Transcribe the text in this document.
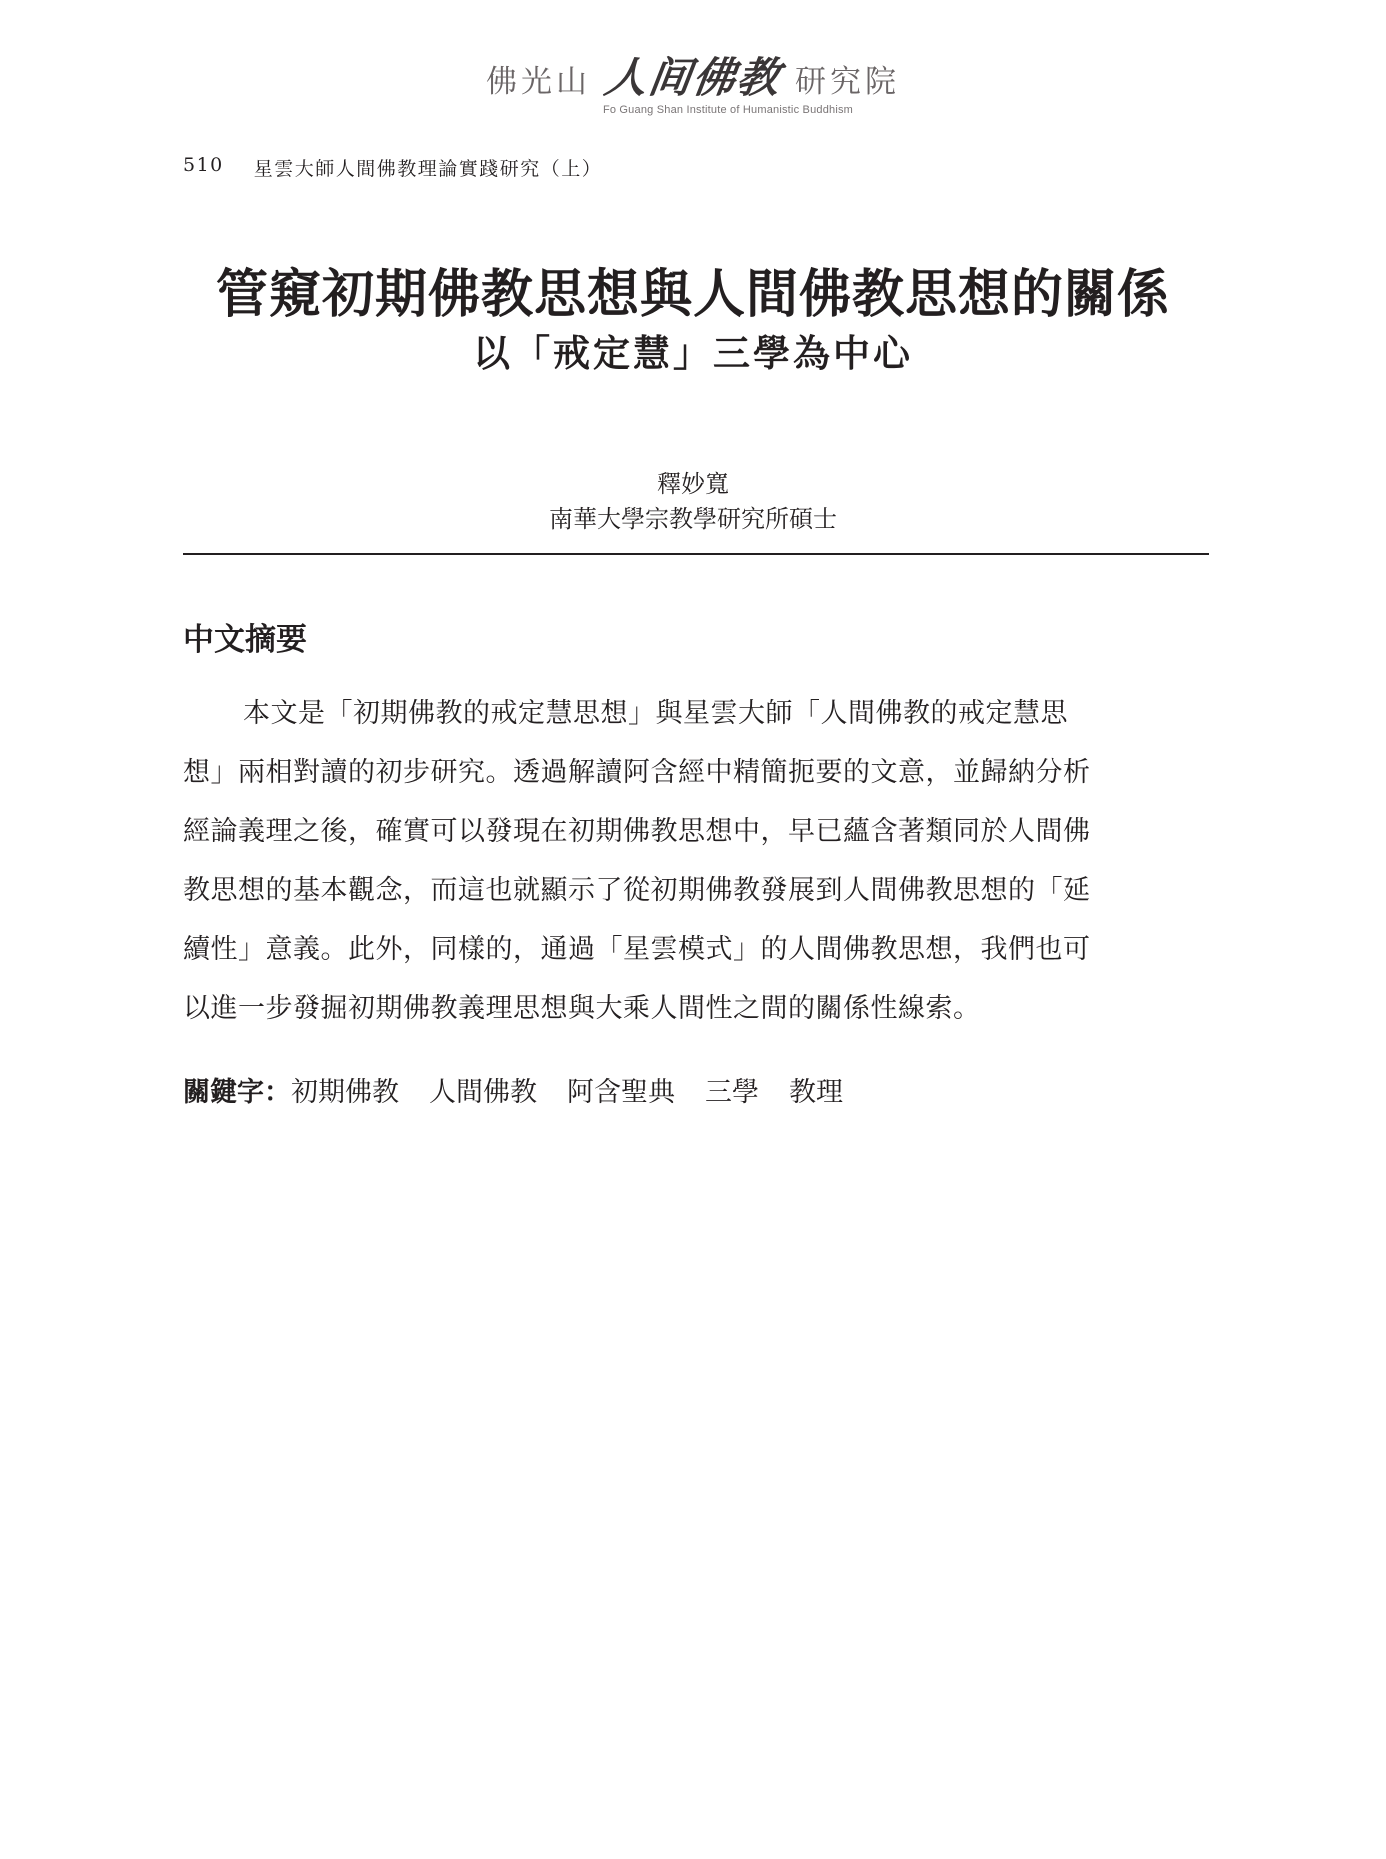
佛光山 人间佛教 研究院
Fo Guang Shan Institute of Humanistic Buddhism
510 星雲大師人間佛教理論實踐研究（上）
管窺初期佛教思想與人間佛教思想的關係
以「戒定慧」三學為中心
釋妙寬
南華大學宗教學研究所碩士
中文摘要

本文是「初期佛教的戒定慧思想」與星雲大師「人間佛教的戒定慧思
想」兩相對讀的初步研究。透過解讀阿含經中精簡扼要的文意，並歸納分析
經論義理之後，確實可以發現在初期佛教思想中，早已蘊含著類同於人間佛
教思想的基本觀念，而這也就顯示了從初期佛教發展到人間佛教思想的「延
續性」意義。此外，同樣的，通過「星雲模式」的人間佛教思想，我們也可
以進一步發掘初期佛教義理思想與大乘人間性之間的關係性線索。

關鍵字： 初期佛教 人間佛教 阿含聖典 三學 教理
